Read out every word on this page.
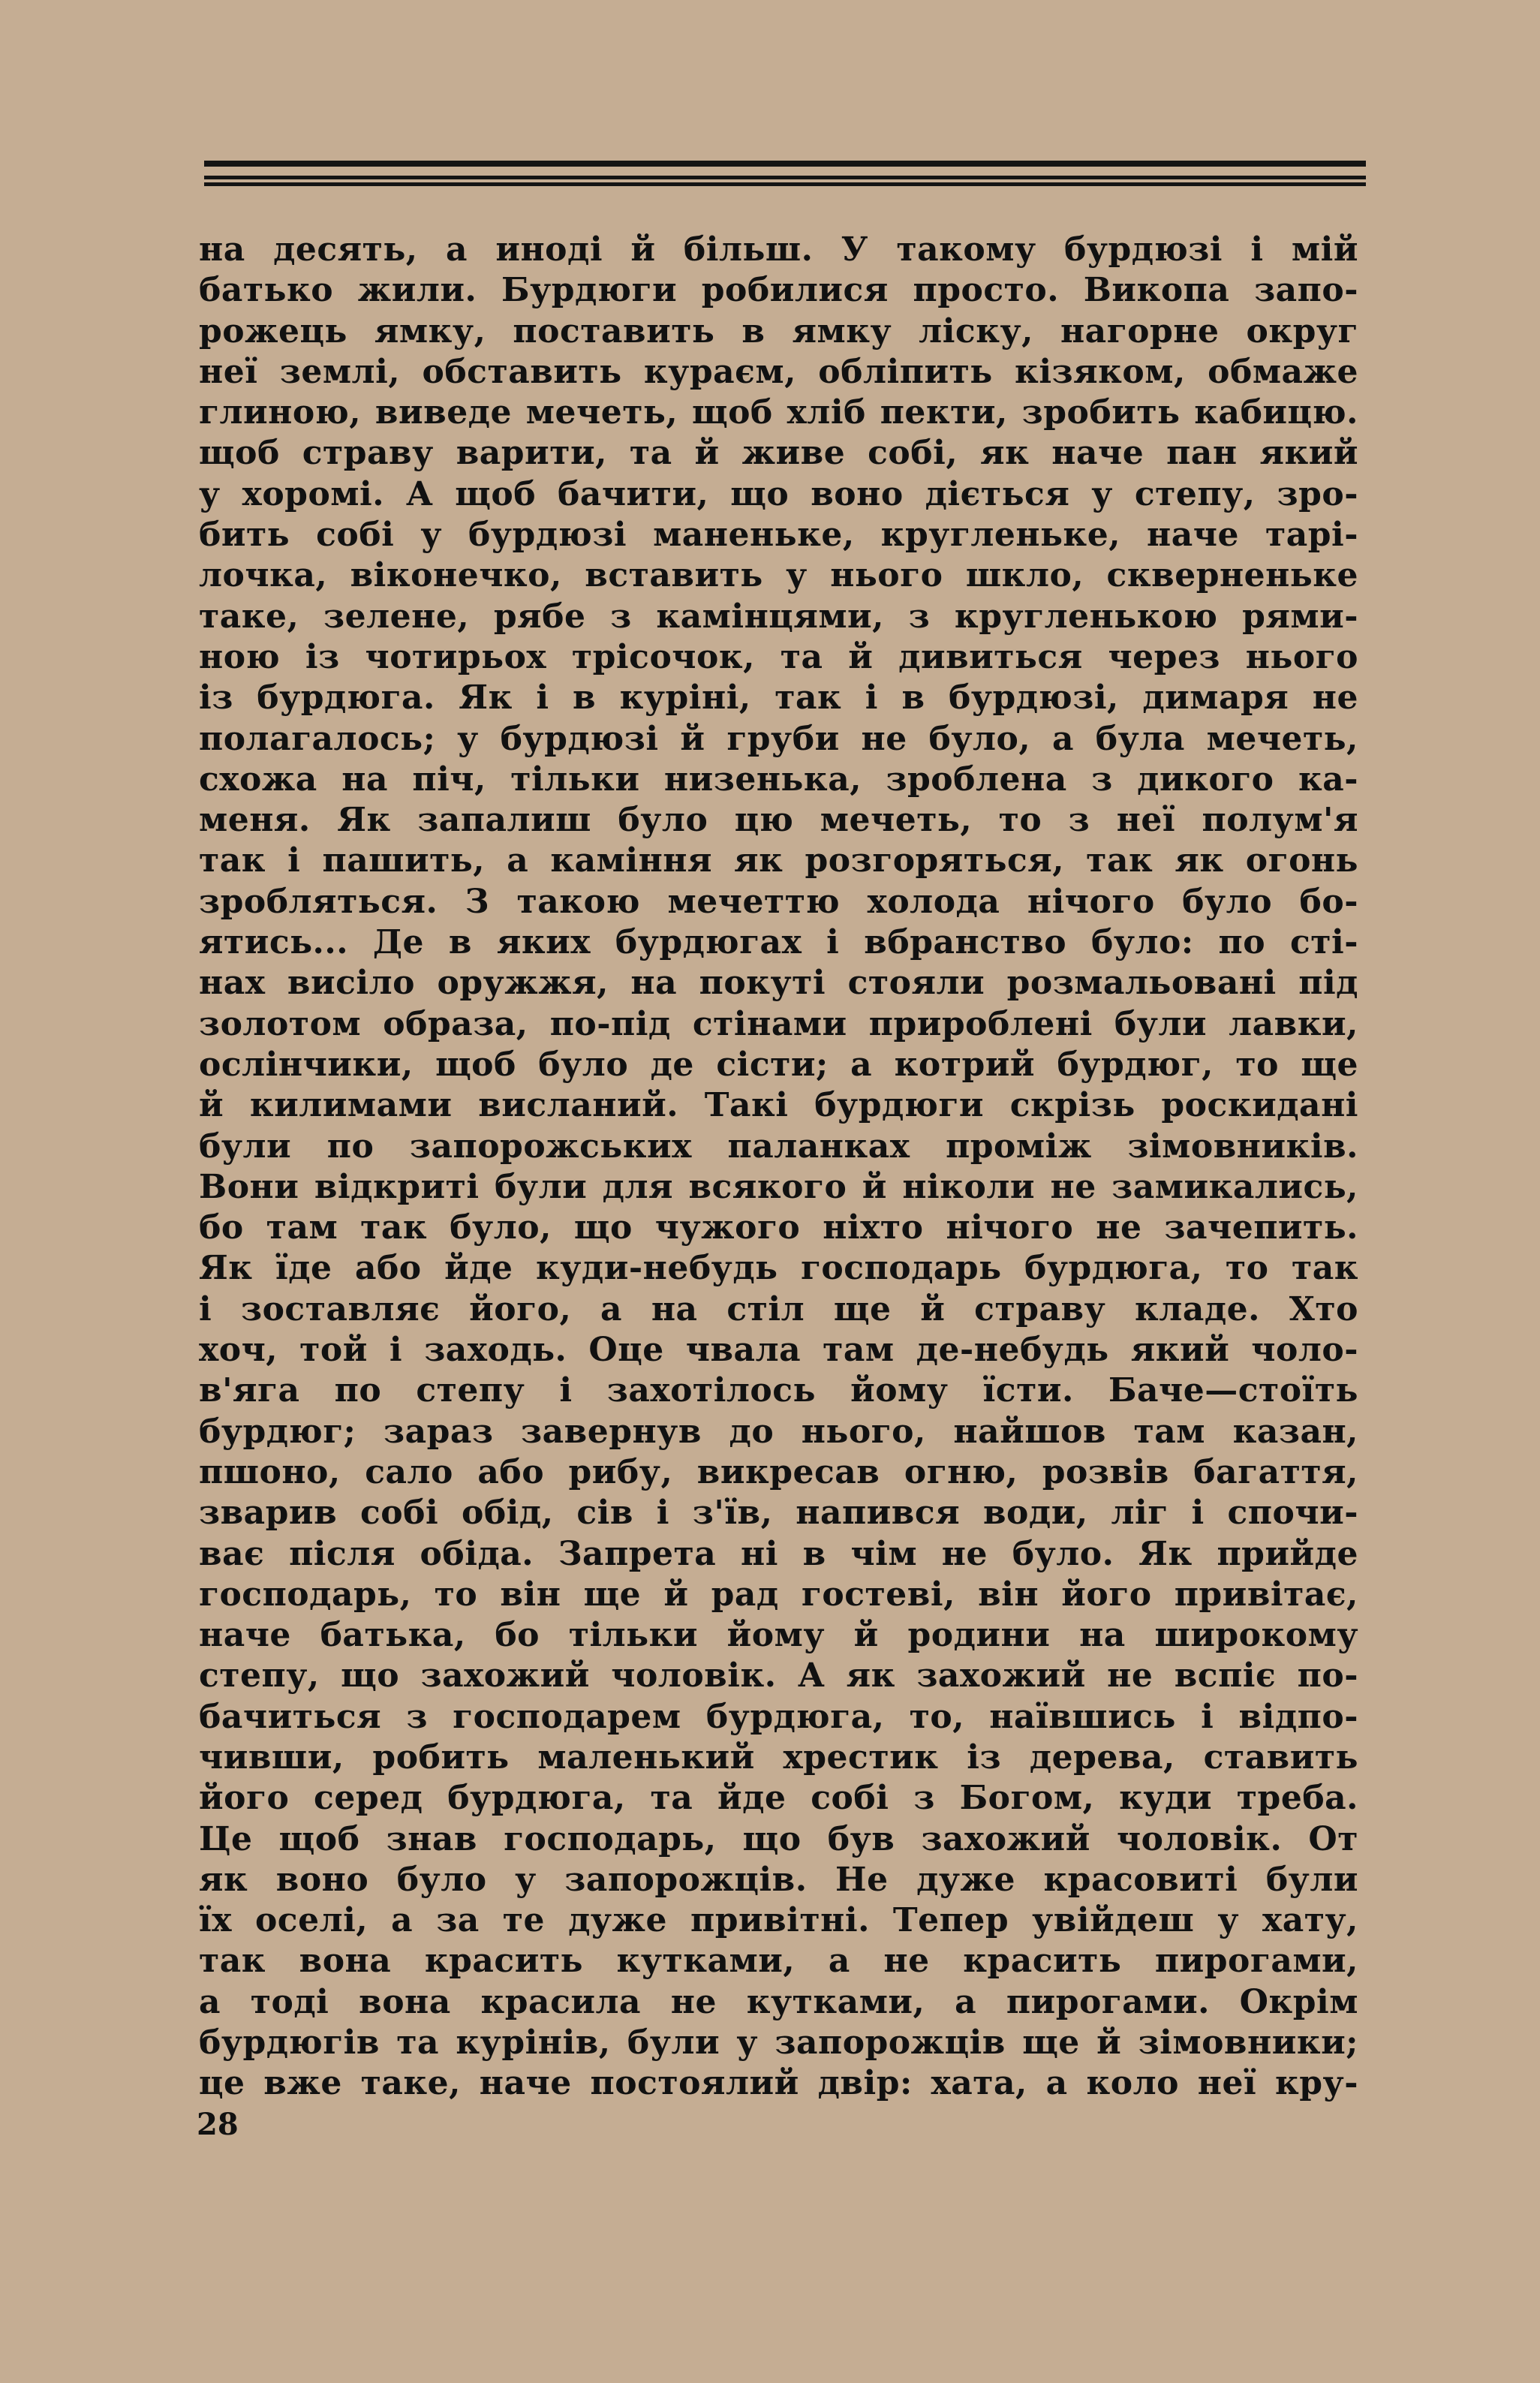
на десять, а иноді й більш. У такому бурдюзі і мій
батько жили. Бурдюги робилися просто. Викопа запо-
рожець ямку, поставить в ямку ліску, нагорне округ
неї землі, обставить кураєм, обліпить кізяком, обмаже
глиною, виведе мечеть, щоб хліб пекти, зробить кабицю.
щоб страву варити, та й живе собі, як наче пан який
у хоромі. А щоб бачити, що воно діється у степу, зро-
бить собі у бурдюзі маненьке, кругленьке, наче тарі-
лочка, віконечко, вставить у нього шкло, скверненьке
таке, зелене, рябе з камінцями, з кругленькою рями-
ною із чотирьох трісочок, та й дивиться через нього
із бурдюга. Як і в курінi, так і в бурдюзі, димаря не
полагалось; у бурдюзі й груби не було, а була мечеть,
схожа на піч, тільки низенька, зроблена з дикого ка-
меня. Як запалиш було цю мечеть, то з неї полум'я
так і пашить, а каміння як розгоряться, так як огонь
зробляться. З такою мечеттю холода нічого було бо-
ятись... Де в яких бурдюгах і вбранство було: по сті-
нах висіло оружжя, на покуті стояли розмальовані під
золотом образа, по-під стінами приробленi були лавки,
ослінчики, щоб було де сісти; а котрий бурдюг, то ще
й килимами висланий. Такі бурдюги скрізь роскидані
були по запорожських паланках проміж зімовників.
Вони відкриті були для всякого й ніколи не замикались,
бо там так було, що чужого ніхто нічого не зачепить.
Як їде або йде куди-небудь господарь бурдюга, то так
і зоставляє його, а на стіл ще й страву кладе. Хто
хоч, той і заходь. Оце чвала там де-небудь який чоло-
в'яга по степу і захотілось йому їсти. Баче—стоїть
бурдюг; зараз завернув до нього, найшов там казан,
пшоно, сало або рибу, викресав огню, розвів багаття,
зварив собі обід, сів і з'їв, напився води, ліг і спочи-
ває після обіда. Запрета ні в чім не було. Як прийде
господарь, то він ще й рад гостеві, він його привітає,
наче батька, бо тільки йому й родини на широкому
степу, що захожий чоловік. А як захожий не вспіє по-
бачиться з господарем бурдюга, то, наївшись і відпо-
чивши, робить маленький хрестик із дерева, ставить
його серед бурдюга, та йде собі з Богом, куди треба.
Це щоб знав господарь, що був захожий чоловік. От
як воно було у запорожців. Не дуже красовиті були
їх оселі, а за те дуже привітні. Тепер увійдеш у хату,
так вона красить кутками, а не красить пирогами,
а тоді вона красила не кутками, а пирогами. Окрім
бурдюгів та курінів, були у запорожців ще й зімовники;
це вже таке, наче постоялий двір: хата, а коло неї кру-
28
